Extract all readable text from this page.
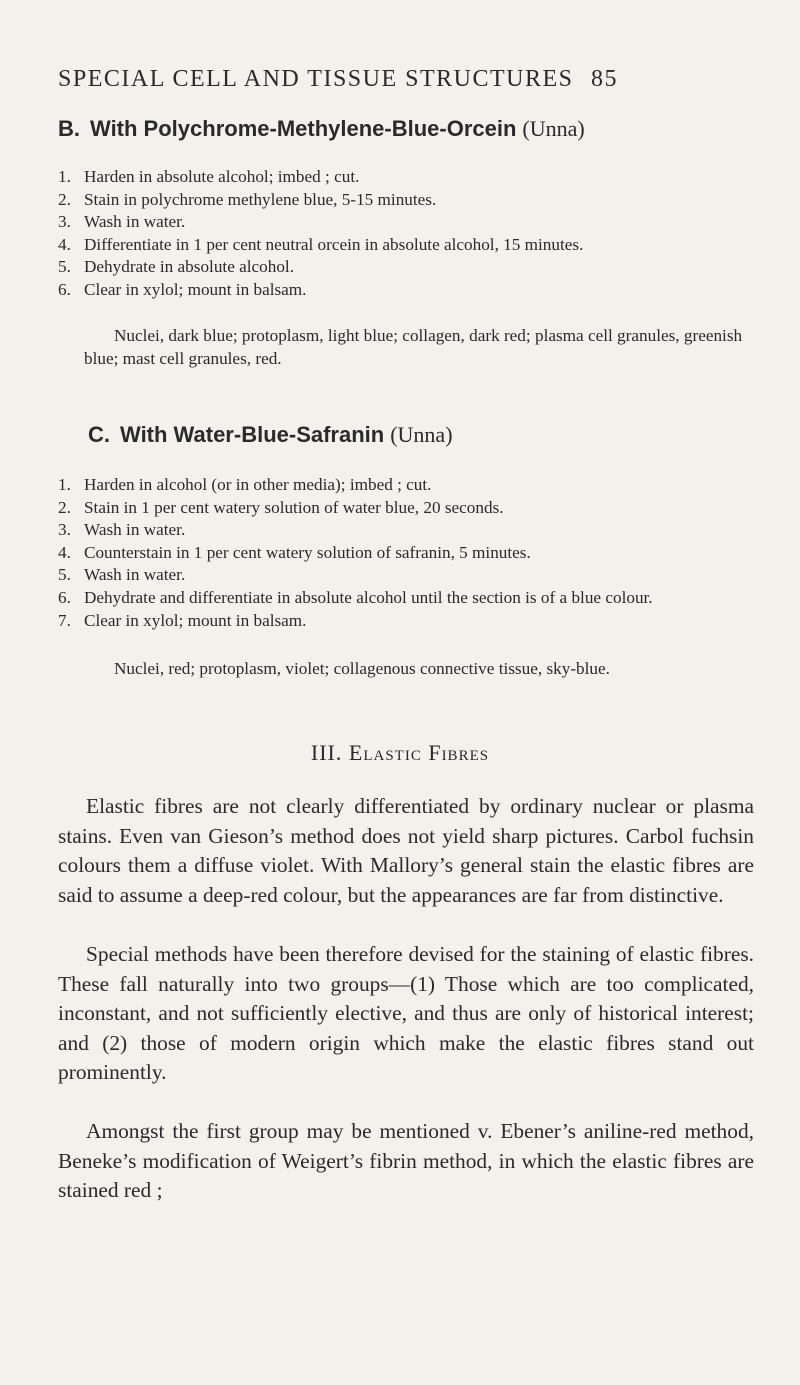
SPECIAL CELL AND TISSUE STRUCTURES 85
B. With Polychrome-Methylene-Blue-Orcein (Unna)
1. Harden in absolute alcohol; imbed ; cut.
2. Stain in polychrome methylene blue, 5-15 minutes.
3. Wash in water.
4. Differentiate in 1 per cent neutral orcein in absolute alcohol, 15 minutes.
5. Dehydrate in absolute alcohol.
6. Clear in xylol; mount in balsam.
Nuclei, dark blue; protoplasm, light blue; collagen, dark red; plasma cell granules, greenish blue; mast cell granules, red.
C. With Water-Blue-Safranin (Unna)
1. Harden in alcohol (or in other media); imbed ; cut.
2. Stain in 1 per cent watery solution of water blue, 20 seconds.
3. Wash in water.
4. Counterstain in 1 per cent watery solution of safranin, 5 minutes.
5. Wash in water.
6. Dehydrate and differentiate in absolute alcohol until the section is of a blue colour.
7. Clear in xylol; mount in balsam.
Nuclei, red; protoplasm, violet; collagenous connective tissue, sky-blue.
III. Elastic Fibres

Elastic fibres are not clearly differentiated by ordinary nuclear or plasma stains. Even van Gieson’s method does not yield sharp pictures. Carbol fuchsin colours them a diffuse violet. With Mallory’s general stain the elastic fibres are said to assume a deep-red colour, but the appearances are far from distinctive.

Special methods have been therefore devised for the staining of elastic fibres. These fall naturally into two groups—(1) Those which are too complicated, inconstant, and not sufficiently elective, and thus are only of historical interest; and (2) those of modern origin which make the elastic fibres stand out prominently.

Amongst the first group may be mentioned v. Ebener’s aniline-red method, Beneke’s modification of Weigert’s fibrin method, in which the elastic fibres are stained red ;
